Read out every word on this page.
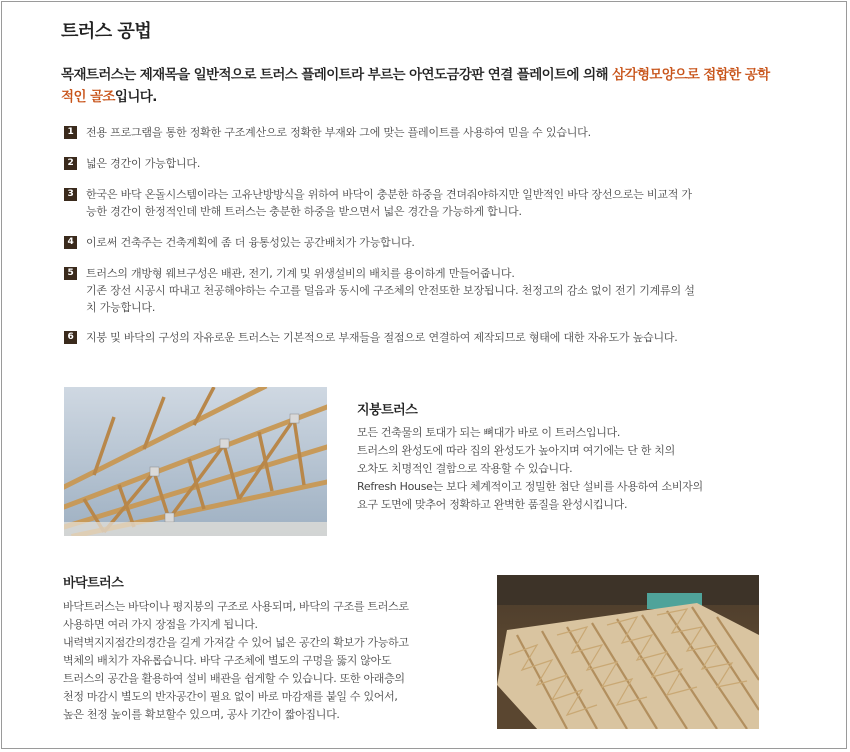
트러스 공법
목재트러스는 제재목을 일반적으로 트러스 플레이트라 부르는 아연도금강판 연결 플레이트에 의해 삼각형모양으로 접합한 공학적인 골조입니다.
1	전용 프로그램을 통한 정확한 구조계산으로 정확한 부재와 그에 맞는 플레이트를 사용하여 믿을 수 있습니다.
2	넓은 경간이 가능합니다.
3	한국은 바닥 온돌시스템이라는 고유난방방식을 위하여 바닥이 충분한 하중을 견뎌줘야하지만 일반적인 바닥 장선으로는 비교적 가
능한 경간이 한정적인데 반해 트러스는 충분한 하중을 받으면서 넓은 경간을 가능하게 합니다.
4	이로써 건축주는 건축계획에 좀 더 융통성있는 공간배치가 가능합니다.
5	트러스의 개방형 웨브구성은 배관, 전기, 기계 및 위생설비의 배치를 용이하게 만들어줍니다.
기존 장선 시공시 따내고 천공해야하는 수고를 덜음과 동시에 구조체의 안전또한 보장됩니다. 천정고의 감소 없이 전기 기계류의 설
치 가능합니다.
6	지붕 및 바닥의 구성의 자유로운 트러스는 기본적으로 부재들을 절점으로 연결하여 제작되므로 형태에 대한 자유도가 높습니다.
지붕트러스
모든 건축물의 토대가 되는 뼈대가 바로 이 트러스입니다.
트러스의 완성도에 따라 집의 완성도가 높아지며 여기에는 단 한 치의
오차도 치명적인 결함으로 작용할 수 있습니다.
Refresh House는 보다 체계적이고 정밀한 첨단 설비를 사용하여 소비자의
요구 도면에 맞추어 정확하고 완벽한 품질을 완성시킵니다.
바닥트러스
바닥트러스는 바닥이나 평지붕의 구조로 사용되며, 바닥의 구조를 트러스로
사용하면 여러 가지 장점을 가지게 됩니다.
내력벽지지점간의경간을 길게 가져갈 수 있어 넓은 공간의 확보가 가능하고
벽체의 배치가 자유롭습니다. 바닥 구조체에 별도의 구멍을 뚫지 않아도
트러스의 공간을 활용하여 설비 배관을 쉽게할 수 있습니다. 또한 아래층의
천정 마감시 별도의 반자공간이 필요 없이 바로 마감재를 붙일 수 있어서,
높은 천정 높이를 확보할수 있으며, 공사 기간이 짧아집니다.
